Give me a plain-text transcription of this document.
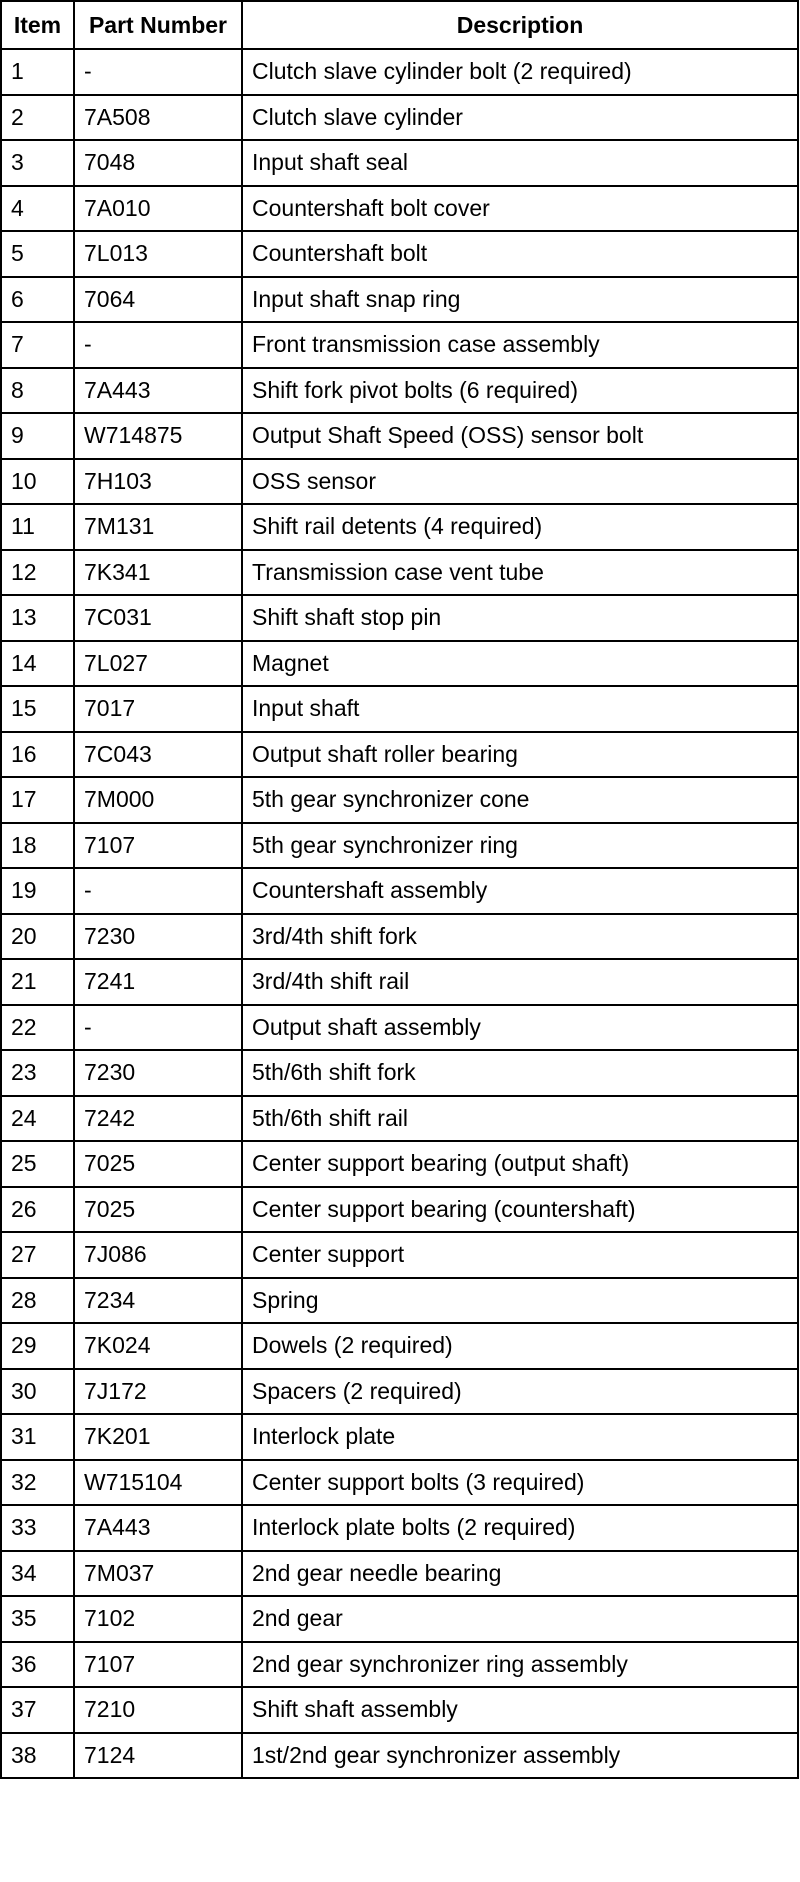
Item	Part Number	Description
1	-	Clutch slave cylinder bolt (2 required)
2	7A508	Clutch slave cylinder
3	7048	Input shaft seal
4	7A010	Countershaft bolt cover
5	7L013	Countershaft bolt
6	7064	Input shaft snap ring
7	-	Front transmission case assembly
8	7A443	Shift fork pivot bolts (6 required)
9	W714875	Output Shaft Speed (OSS) sensor bolt
10	7H103	OSS sensor
11	7M131	Shift rail detents (4 required)
12	7K341	Transmission case vent tube
13	7C031	Shift shaft stop pin
14	7L027	Magnet
15	7017	Input shaft
16	7C043	Output shaft roller bearing
17	7M000	5th gear synchronizer cone
18	7107	5th gear synchronizer ring
19	-	Countershaft assembly
20	7230	3rd/4th shift fork
21	7241	3rd/4th shift rail
22	-	Output shaft assembly
23	7230	5th/6th shift fork
24	7242	5th/6th shift rail
25	7025	Center support bearing (output shaft)
26	7025	Center support bearing (countershaft)
27	7J086	Center support
28	7234	Spring
29	7K024	Dowels (2 required)
30	7J172	Spacers (2 required)
31	7K201	Interlock plate
32	W715104	Center support bolts (3 required)
33	7A443	Interlock plate bolts (2 required)
34	7M037	2nd gear needle bearing
35	7102	2nd gear
36	7107	2nd gear synchronizer ring assembly
37	7210	Shift shaft assembly
38	7124	1st/2nd gear synchronizer assembly
